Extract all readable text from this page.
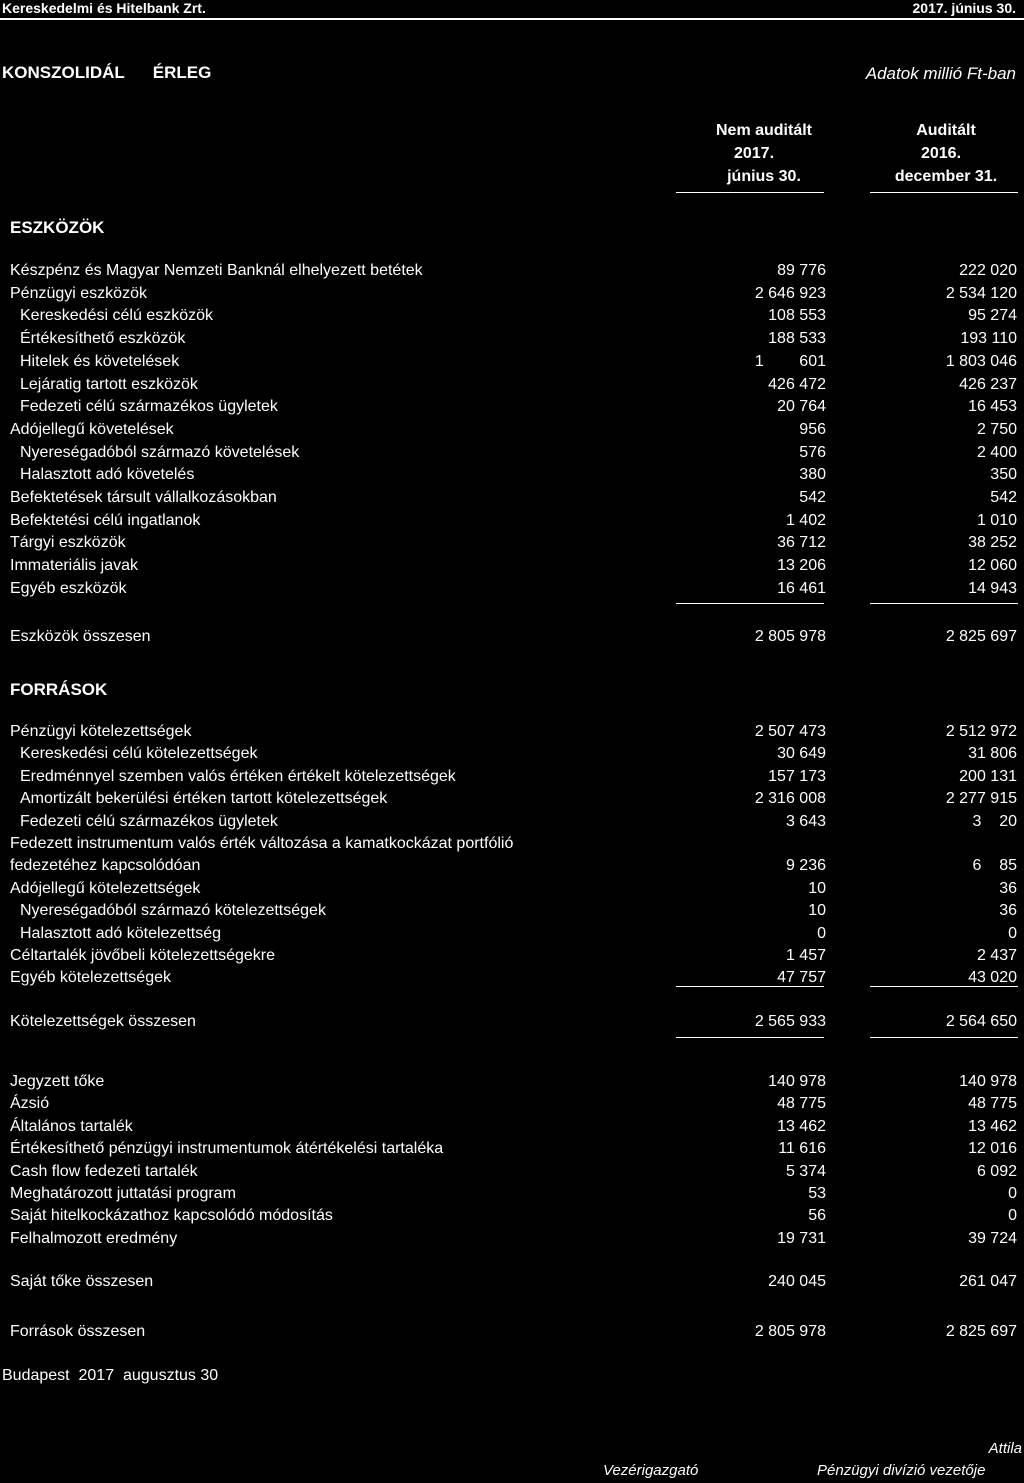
Kereskedelmi és Hitelbank Zrt.	2017. június 30.
KONSZOLIDÁL      ÉRLEG	Adatok millió Ft-ban
Nem auditált
2017.
június 30.
Auditált
2016.
december 31.
ESZKÖZÖK
Készpénz és Magyar Nemzeti Banknál elhelyezett betétek	89 776	222 020
Pénzügyi eszközök	2 646 923	2 534 120
Kereskedési célú eszközök	108 553	95 274
Értékesíthető eszközök	188 533	193 110
Hitelek és követelések	1        601	1 803 046
Lejáratig tartott eszközök	426 472	426 237
Fedezeti célú származékos ügyletek	20 764	16 453
Adójellegű követelések	956	2 750
Nyereségadóból származó követelések	576	2 400
Halasztott adó követelés	380	350
Befektetések társult vállalkozásokban	542	542
Befektetési célú ingatlanok	1 402	1 010
Tárgyi eszközök	36 712	38 252
Immateriális javak	13 206	12 060
Egyéb eszközök	16 461	14 943
Eszközök összesen	2 805 978	2 825 697
FORRÁSOK
Pénzügyi kötelezettségek	2 507 473	2 512 972
Kereskedési célú kötelezettségek	30 649	31 806
Eredménnyel szemben valós értéken értékelt kötelezettségek	157 173	200 131
Amortizált bekerülési értéken tartott kötelezettségek	2 316 008	2 277 915
Fedezeti célú származékos ügyletek	3 643	3    20
Fedezett instrumentum valós érték változása a kamatkockázat portfólió
fedezetéhez kapcsolódóan	9 236	6    85
Adójellegű kötelezettségek	10	36
Nyereségadóból származó kötelezettségek	10	36
Halasztott adó kötelezettség	0	0
Céltartalék jövőbeli kötelezettségekre	1 457	2 437
Egyéb kötelezettségek	47 757	43 020
Kötelezettségek összesen	2 565 933	2 564 650
Jegyzett tőke	140 978	140 978
Ázsió	48 775	48 775
Általános tartalék	13 462	13 462
Értékesíthető pénzügyi instrumentumok átértékelési tartaléka	11 616	12 016
Cash flow fedezeti tartalék	5 374	6 092
Meghatározott juttatási program	53	0
Saját hitelkockázathoz kapcsolódó módosítás	56	0
Felhalmozott eredmény	19 731	39 724
Saját tőke összesen	240 045	261 047
Források összesen	2 805 978	2 825 697
Budapest  2017  augusztus 30
Attila
Vezérigazgató	Pénzügyi divízió vezetője
